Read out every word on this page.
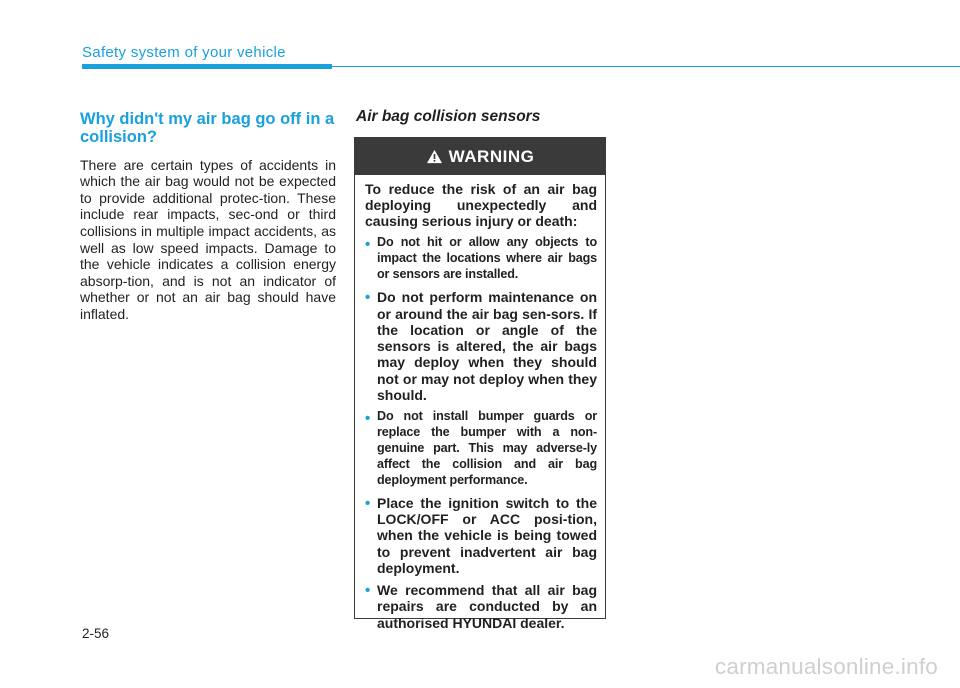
Safety system of your vehicle
Why didn't my air bag go off in a collision?

There are certain types of accidents in which the air bag would not be expected to provide additional protec-tion. These include rear impacts, sec-ond or third collisions in multiple impact accidents, as well as low speed impacts. Damage to the vehicle indicates a collision energy absorp-tion, and is not an indicator of whether or not an air bag should have inflated.

Air bag collision sensors
WARNING

To reduce the risk of an air bag deploying unexpectedly and causing serious injury or death:

• Do not hit or allow any objects to impact the locations where air bags or sensors are installed.
• Do not perform maintenance on or around the air bag sen-sors. If the location or angle of the sensors is altered, the air bags may deploy when they should not or may not deploy when they should.
• Do not install bumper guards or replace the bumper with a non-genuine part. This may adverse-ly affect the collision and air bag deployment performance.
• Place the ignition switch to the LOCK/OFF or ACC posi-tion, when the vehicle is being towed to prevent inadvertent air bag deployment.
• We recommend that all air bag repairs are conducted by an authorised HYUNDAI dealer.
2-56
carmanualsonline.info
